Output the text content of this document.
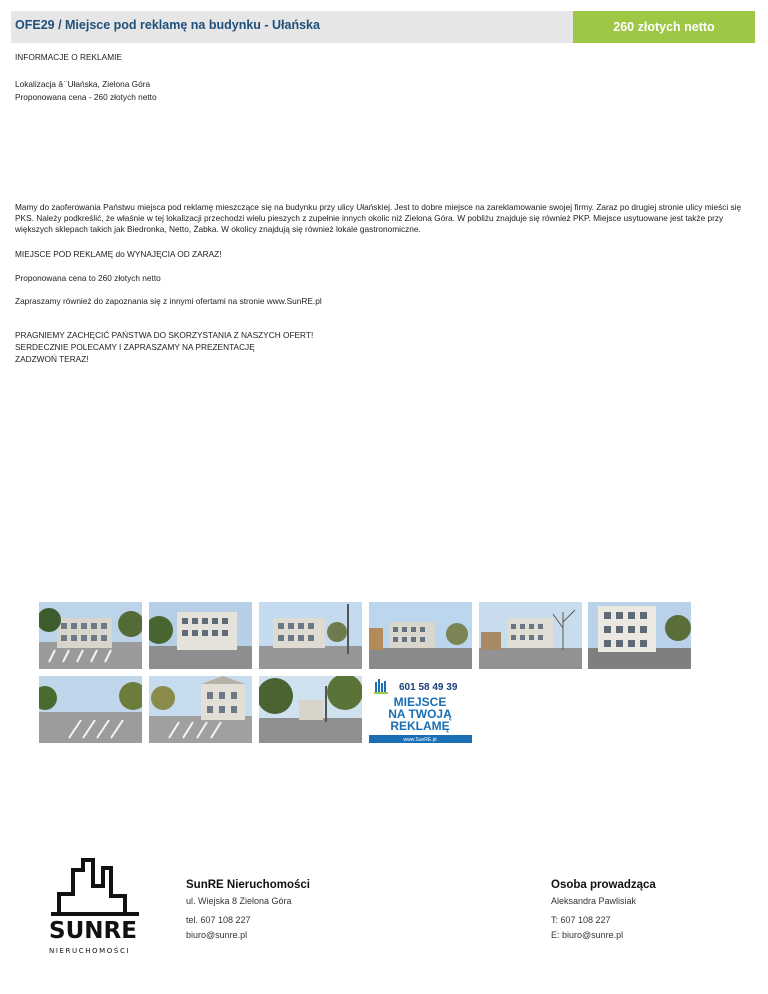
OFE29 / Miejsce pod reklamę na budynku - Ułańska	260 złotych netto
INFORMACJE O REKLAMIE
Lokalizacja â ̈ Ułańska, Zielona Góra
Proponowana cena - 260 złotych netto
Mamy do zaoferowania Państwu miejsca pod reklamę mieszczące się na budynku przy ulicy Ułańskiej. Jest to dobre miejsce na zareklamowanie swojej firmy. Zaraz po drugiej stronie ulicy mieści się PKS. Należy podkreślić, że właśnie w tej lokalizacji przechodzi wielu pieszych z zupełnie innych okolic niż Zielona Góra. W pobliżu znajduje się również PKP. Miejsce usytuowane jest także przy większych sklepach takich jak Biedronka, Netto, Żabka. W okolicy znajdują się również lokale gastronomiczne.
MIEJSCE POD REKLAMĘ do WYNAJĘCIA OD ZARAZ!
Proponowana cena to 260 złotych netto
Zapraszamy również do zapoznania się z innymi ofertami na stronie www.SunRE.pl
PRAGNIEMY ZACHĘCIĆ PAŃSTWA DO SKORZYSTANIA Z NASZYCH OFERT!
SERDECZNIE POLECAMY I ZAPRASZAMY NA PREZENTACJĘ
ZADZWOŃ TERAZ!
601 58 49 39
MIEJSCE
NA TWOJĄ
REKLAMĘ
www.SunRE.pl
SUNRE
NIERUCHOMOŚCI
SunRE Nieruchomości
ul. Wiejska 8 Zielona Góra
tel. 607 108 227
biuro@sunre.pl
Osoba prowadząca
Aleksandra Pawlisiak
T: 607 108 227
E: biuro@sunre.pl
